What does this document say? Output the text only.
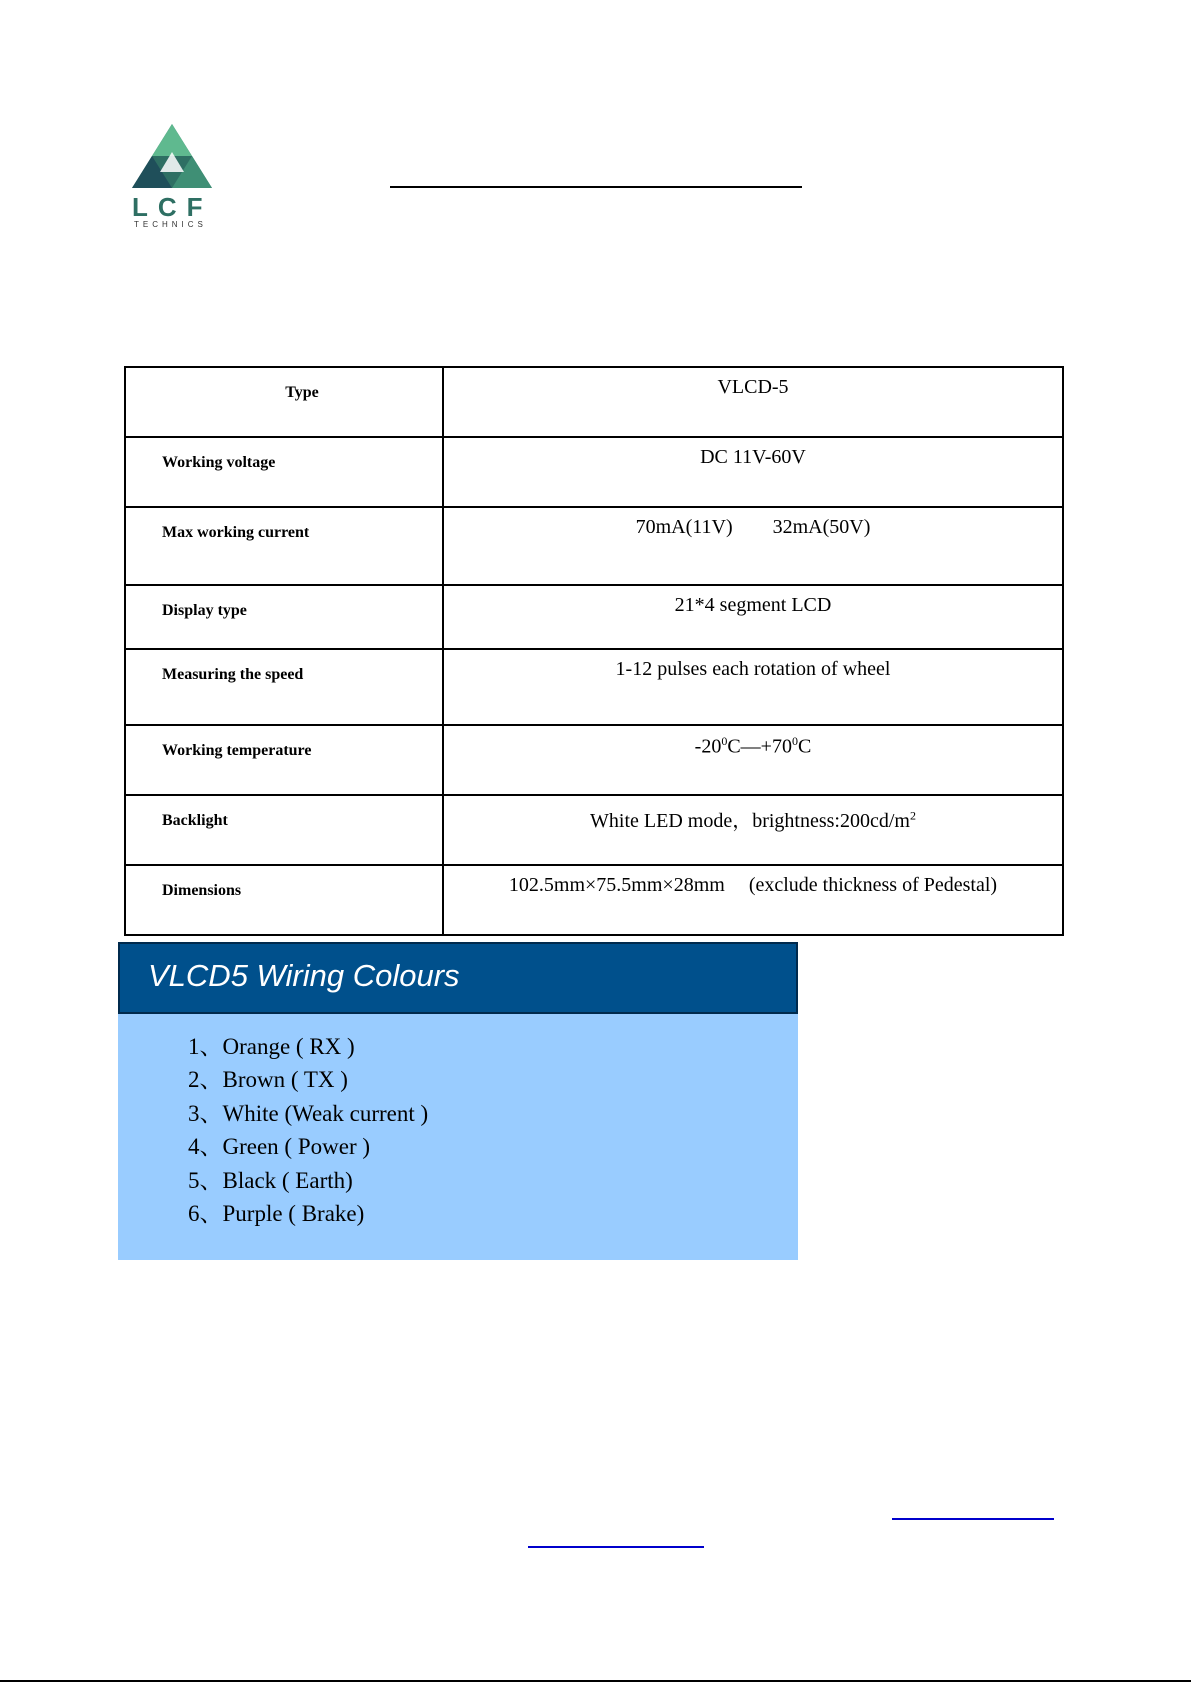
LCF
TECHNICS
Type	VLCD-5
Working voltage	DC 11V-60V
Max working current	70mA(11V) 32mA(50V)
Display type	21*4 segment LCD
Measuring the speed	1-12 pulses each rotation of wheel
Working temperature	$-20^0C—+70^0C$
Backlight	White LED mode，$brightness:200cd/m^2$
Dimensions	102.5mm×75.5mm×28mm (exclude thickness of Pedestal)
VLCD5 Wiring Colours
1、Orange ( RX )
2、Brown ( TX )
3、White (Weak current )
4、Green ( Power )
5、Black ( Earth)
6、Purple ( Brake)
